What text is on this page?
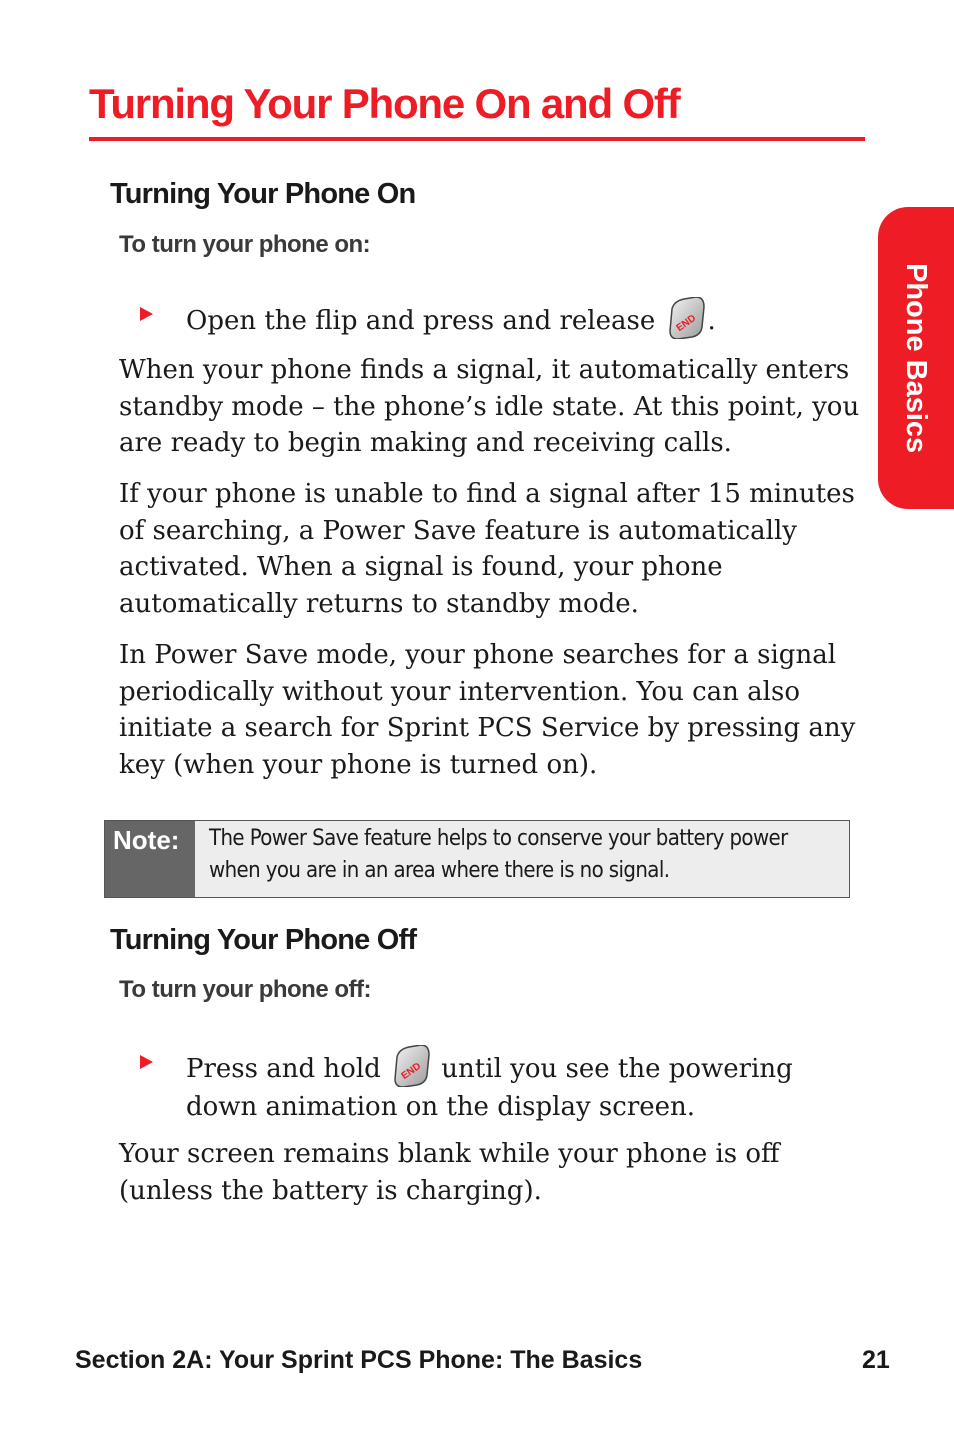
Turning Your Phone On and Off
Phone Basics
Turning Your Phone On
To turn your phone on:
Open the flip and press and release END .

When your phone finds a signal, it automatically enters standby mode – the phone’s idle state. At this point, you are ready to begin making and receiving calls.

If your phone is unable to find a signal after 15 minutes of searching, a Power Save feature is automatically activated. When a signal is found, your phone automatically returns to standby mode.

In Power Save mode, your phone searches for a signal periodically without your intervention. You can also initiate a search for Sprint PCS Service by pressing any key (when your phone is turned on).

Note:	The Power Save feature helps to conserve your battery power when you are in an area where there is no signal.
Turning Your Phone Off
To turn your phone off:
Press and hold END until you see the powering down animation on the display screen.

Your screen remains blank while your phone is off (unless the battery is charging).

Section 2A: Your Sprint PCS Phone: The Basics	21
